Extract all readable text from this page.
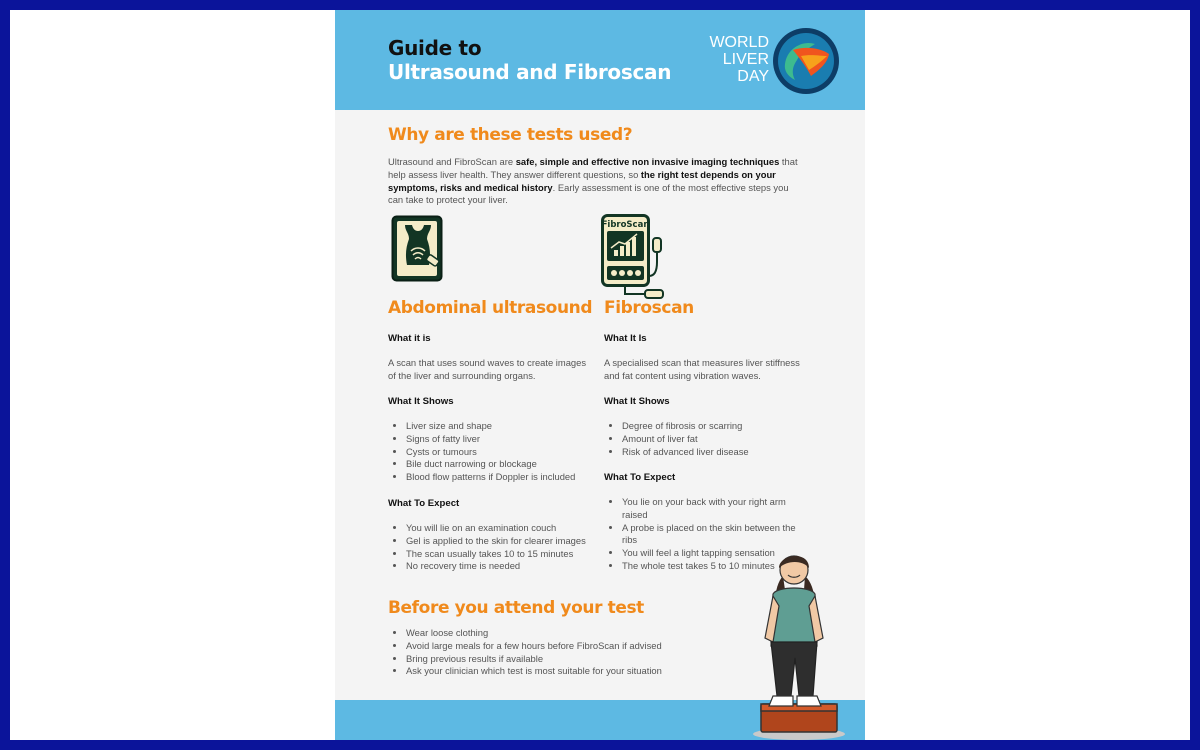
Guide to
Ultrasound and Fibroscan
WORLD
LIVER
DAY
Why are these tests used?

Ultrasound and FibroScan are safe, simple and effective non invasive imaging techniques that help assess liver health. They answer different questions, so the right test depends on your symptoms, risks and medical history. Early assessment is one of the most effective steps you can take to protect your liver.

FibroScan
Abdominal ultrasound

What it is

A scan that uses sound waves to create images of the liver and surrounding organs.

What It Shows

• Liver size and shape
• Signs of fatty liver
• Cysts or tumours
• Bile duct narrowing or blockage
• Blood flow patterns if Doppler is included

What To Expect

• You will lie on an examination couch
• Gel is applied to the skin for clearer images
• The scan usually takes 10 to 15 minutes
• No recovery time is needed
Fibroscan

What It Is

A specialised scan that measures liver stiffness and fat content using vibration waves.

What It Shows

• Degree of fibrosis or scarring
• Amount of liver fat
• Risk of advanced liver disease

What To Expect

• You lie on your back with your right arm raised
• A probe is placed on the skin between the ribs
• You will feel a light tapping sensation
• The whole test takes 5 to 10 minutes
Before you attend your test
• Wear loose clothing
• Avoid large meals for a few hours before FibroScan if advised
• Bring previous results if available
• Ask your clinician which test is most suitable for your situation
